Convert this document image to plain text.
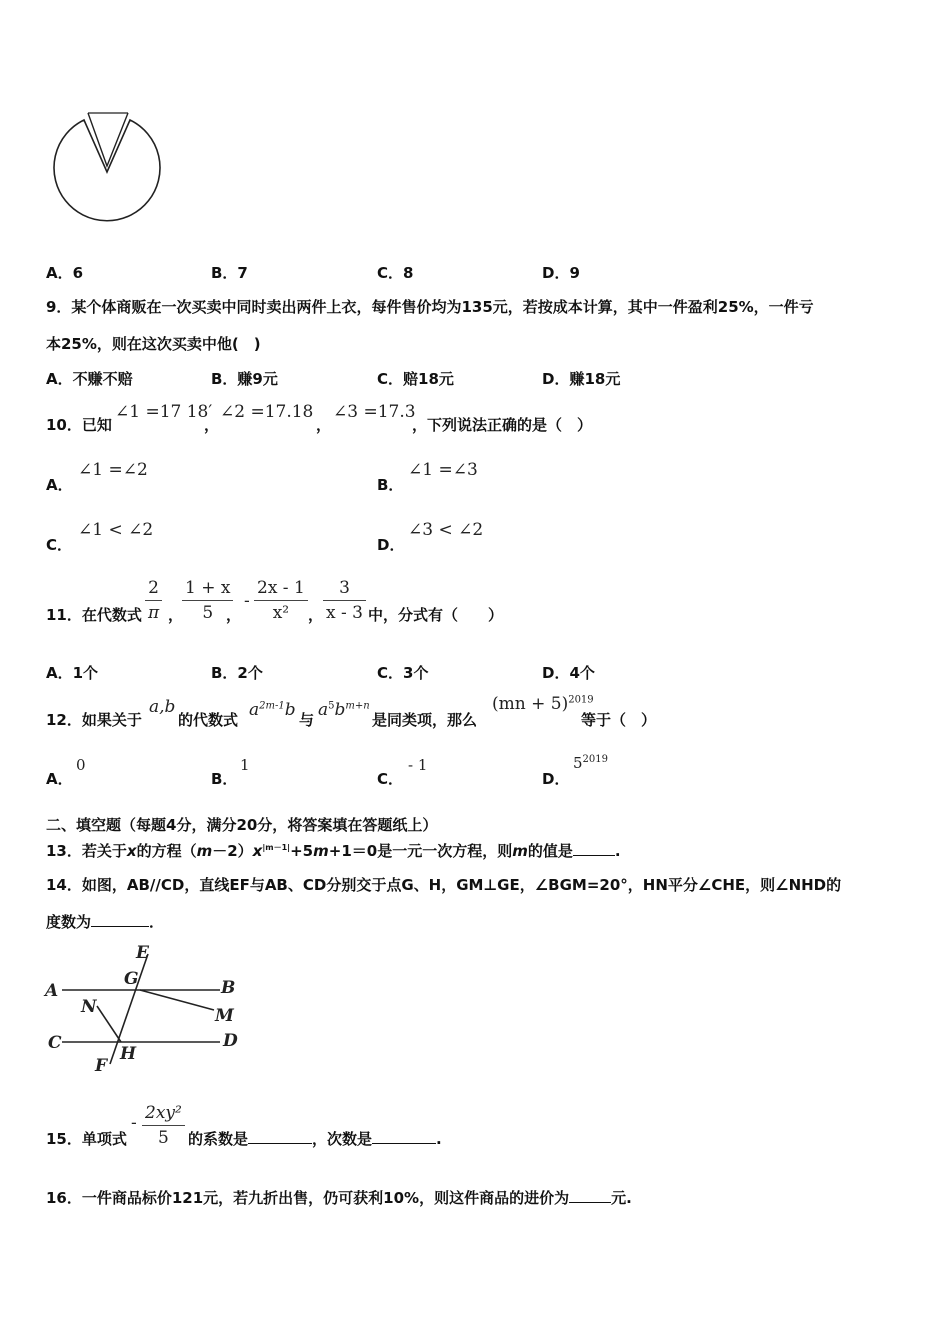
A．6	B．7	C．8	D．9
9．某个体商贩在一次买卖中同时卖出两件上衣，每件售价均为135元，若按成本计算，其中一件盈利25%，一件亏
本25%，则在这次买卖中他(　)
A．不赚不赔	B．赚9元	C．赔18元	D．赚18元
10．已知
∠1 =17 18′
，
∠2 =17.18
，
∠3 =17.3
，下列说法正确的是（　）
A．
∠1 =∠2
B．
∠1 =∠3
C．
∠1 < ∠2
D．
∠3 < ∠2
11．在代数式
2
π ，
1 + x
5 ，
-
2x - 1
x²	，
3
x - 3 中，分式有（　　）
A．1个	B．2个	C．3个	D．4个
12．如果关于
a,b
的代数式 $a^{2m-1}b$ 与 $a^5b^{m+n}$
是同类项，那么
(mn + 5)$^{2019}$
等于（　）
A．
0
B．
1
C．
- 1
D．
$5^{2019}$
二、填空题（每题4分，满分20分，将答案填在答题纸上）
13．若关于x的方程$(m-2)x^{|m-1|}+5m+1=0$是一元一次方程，则m的值是	.
14．如图，AB//CD，直线EF与AB、CD分别交于点G、H，GM⊥GE，∠BGM=20°，HN平分∠CHE，则∠NHD的
度数为	．
E
G
A	B
N	M
C	D
F
H
15．单项式
- 2xy²
5	的系数是	，次数是	.
16．一件商品标价121元，若九折出售，仍可获利10%，则这件商品的进价为	元.
